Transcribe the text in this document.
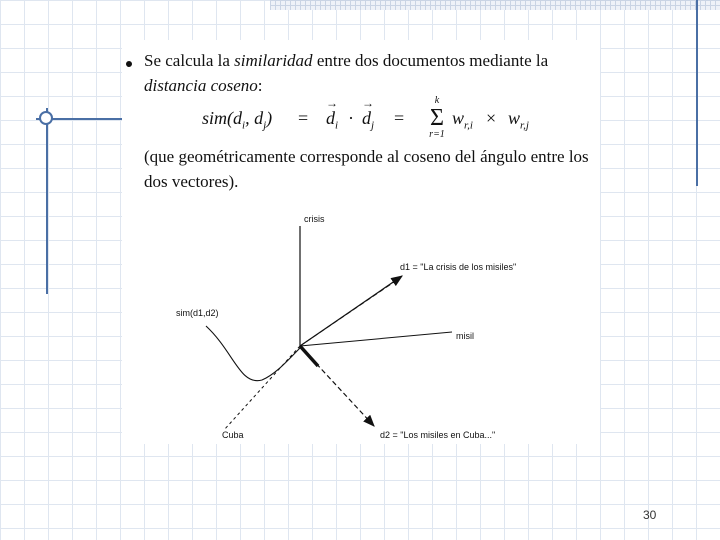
Se calcula la similaridad entre dos documentos mediante la distancia coseno:
$sim(d_i$, $d_j$) = → $d_i$ · → $d_j$ =
k
Σ
r=1
$w_{r,i} \times w_{r,j}$
(que geométricamente corresponde al coseno del ángulo entre los dos vectores).
crisis
d1 = "La crisis de los misiles"
sim(d1,d2)
misil
Cuba	d2 = "Los misiles en Cuba..."
30
